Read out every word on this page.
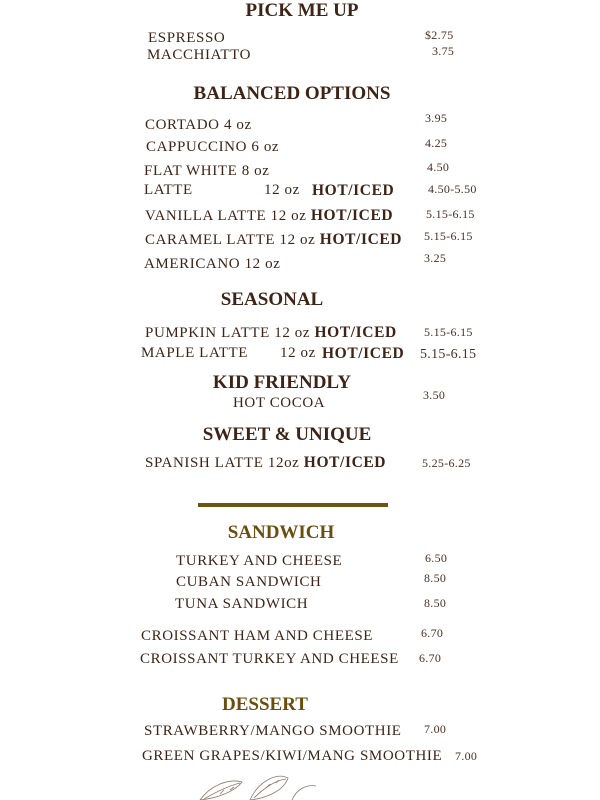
PICK ME UP
ESPRESSO	$2.75
MACCHIATTO	3.75
BALANCED OPTIONS
CORTADO 4 oz	3.95
CAPPUCCINO 6 oz	4.25
FLAT WHITE 8 oz	4.50
LATTE	12 oz HOT/ICED	4.50-5.50
VANILLA LATTE 12 oz HOT/ICED	5.15-6.15
CARAMEL LATTE 12 oz HOT/ICED 5.15-6.15
AMERICANO 12 oz	3.25
SEASONAL
PUMPKIN LATTE 12 oz HOT/ICED 5.15-6.15
MAPLE LATTE 12 oz HOT/ICED 5.15-6.15
KID FRIENDLY
HOT COCOA	3.50
SWEET & UNIQUE
SPANISH LATTE 12oz HOT/ICED	5.25-6.25
SANDWICH
TURKEY AND CHEESE	6.50
CUBAN SANDWICH	8.50
TUNA SANDWICH	8.50
CROISSANT HAM AND CHEESE	6.70
CROISSANT TURKEY AND CHEESE 6.70
DESSERT
STRAWBERRY/MANGO SMOOTHIE 7.00
GREEN GRAPES/KIWI/MANG SMOOTHIE 7.00
